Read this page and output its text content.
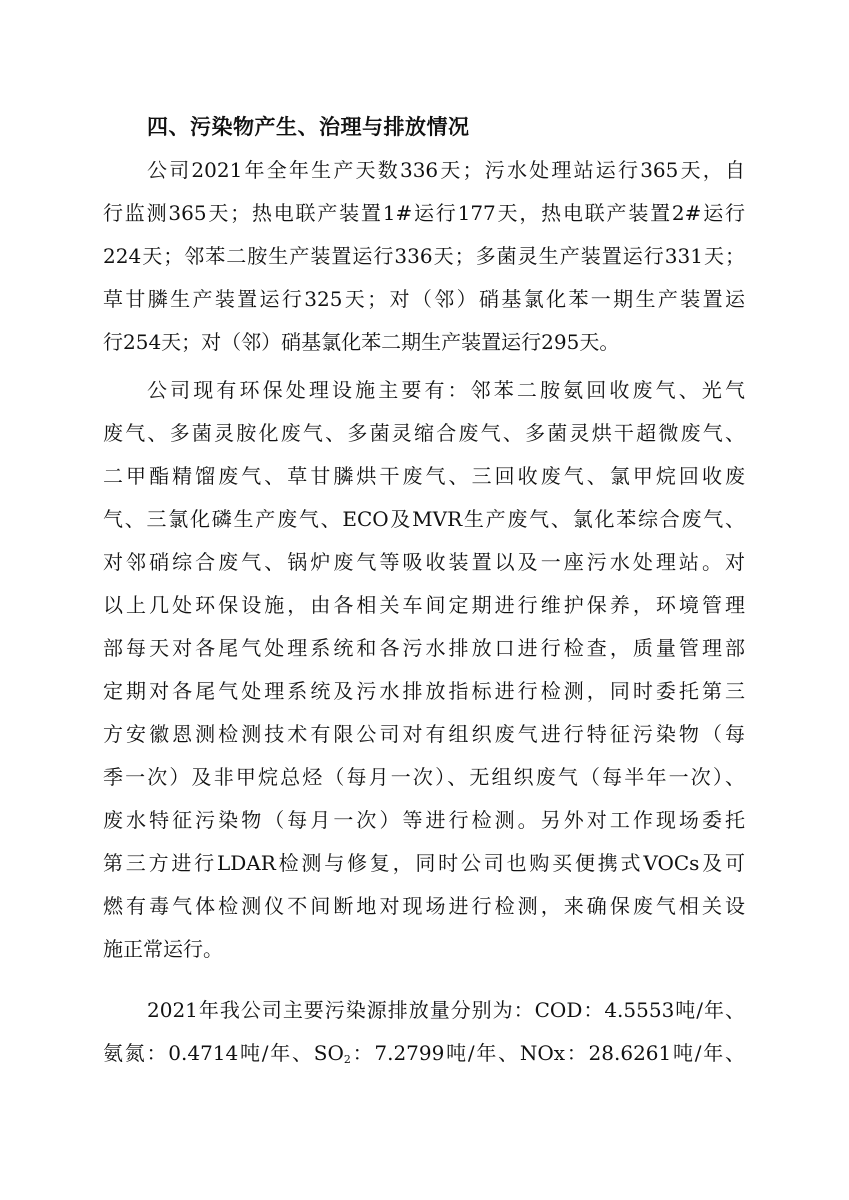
四、污染物产生、治理与排放情况
公司2021年全年生产天数336天；污水处理站运行365天，自
行监测365天；热电联产装置1#运行177天，热电联产装置2#运行
224天；邻苯二胺生产装置运行336天；多菌灵生产装置运行331天；
草甘膦生产装置运行325天；对（邻）硝基氯化苯一期生产装置运
行254天；对（邻）硝基氯化苯二期生产装置运行295天。
公司现有环保处理设施主要有：邻苯二胺氨回收废气、光气
废气、多菌灵胺化废气、多菌灵缩合废气、多菌灵烘干超微废气、
二甲酯精馏废气、草甘膦烘干废气、三回收废气、氯甲烷回收废
气、三氯化磷生产废气、ECO及MVR生产废气、氯化苯综合废气、
对邻硝综合废气、锅炉废气等吸收装置以及一座污水处理站。对
以上几处环保设施，由各相关车间定期进行维护保养，环境管理
部每天对各尾气处理系统和各污水排放口进行检查，质量管理部
定期对各尾气处理系统及污水排放指标进行检测，同时委托第三
方安徽恩测检测技术有限公司对有组织废气进行特征污染物（每
季一次）及非甲烷总烃（每月一次）、无组织废气（每半年一次）、
废水特征污染物（每月一次）等进行检测。另外对工作现场委托
第三方进行LDAR检测与修复，同时公司也购买便携式VOCs及可
燃有毒气体检测仪不间断地对现场进行检测，来确保废气相关设
施正常运行。
2021年我公司主要污染源排放量分别为：COD：4.5553吨/年、
氨氮：0.4714吨/年、$SO_2$：7.2799吨/年、NOx：28.6261吨/年、
